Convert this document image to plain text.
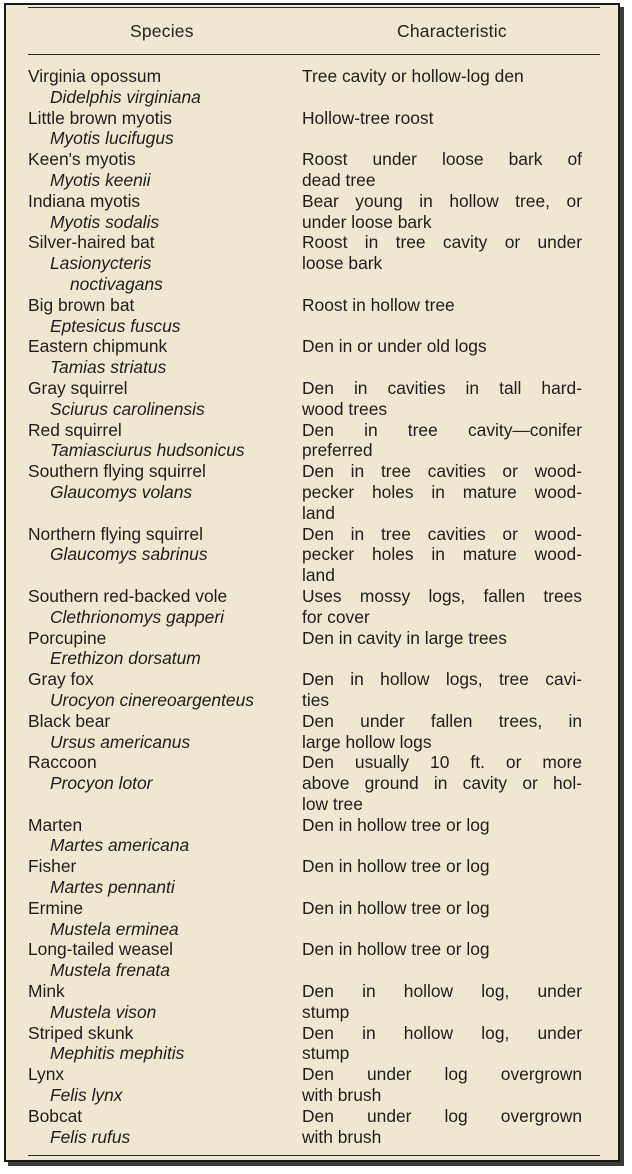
Species	Characteristic
Virginia opossum
Didelphis virginiana
Tree cavity or hollow-log den
Little brown myotis
Myotis lucifugus
Hollow-tree roost
Keen's myotis
Myotis keenii
Roost under loose bark of
dead tree
Indiana myotis
Myotis sodalis
Bear young in hollow tree, or
under loose bark
Silver-haired bat
Lasionycteris
noctivagans
Roost in tree cavity or under
loose bark
Big brown bat
Eptesicus fuscus
Roost in hollow tree
Eastern chipmunk
Tamias striatus
Den in or under old logs
Gray squirrel
Sciurus carolinensis
Den in cavities in tall hard-
wood trees
Red squirrel
Tamiasciurus hudsonicus
Den in tree cavity—conifer
preferred
Southern flying squirrel
Glaucomys volans
Den in tree cavities or wood-
pecker holes in mature wood-
land
Northern flying squirrel
Glaucomys sabrinus
Den in tree cavities or wood-
pecker holes in mature wood-
land
Southern red-backed vole
Clethrionomys gapperi
Uses mossy logs, fallen trees
for cover
Porcupine
Erethizon dorsatum
Den in cavity in large trees
Gray fox
Urocyon cinereoargenteus
Den in hollow logs, tree cavi-
ties
Black bear
Ursus americanus
Den under fallen trees, in
large hollow logs
Raccoon
Procyon lotor
Den usually 10 ft. or more
above ground in cavity or hol-
low tree
Marten
Martes americana
Den in hollow tree or log
Fisher
Martes pennanti
Den in hollow tree or log
Ermine
Mustela erminea
Den in hollow tree or log
Long-tailed weasel
Mustela frenata
Den in hollow tree or log
Mink
Mustela vison
Den in hollow log, under
stump
Striped skunk
Mephitis mephitis
Den in hollow log, under
stump
Lynx
Felis lynx
Den under log overgrown
with brush
Bobcat
Felis rufus
Den under log overgrown
with brush
